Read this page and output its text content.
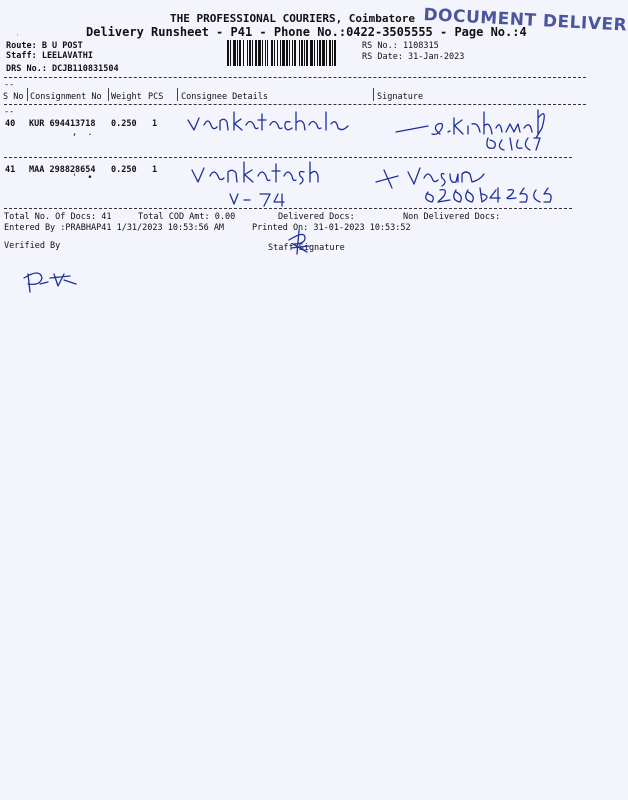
THE PROFESSIONAL COURIERS, Coimbatore
Delivery Runsheet - P41 - Phone No.:0422-3505555 - Page No.:4
DOCUMENT DELIVER
Route: B U POST
Staff: LEELAVATHI
DRS No.: DCJB110831504
RS No.: 1108315
RS Date: 31-Jan-2023
--
S No Consignment No Weight PCS Consignee Details	Signature
--
40 KUR 694413718 0.250 1
,  .
41 MAA 298828654 0.250 1
'  •
Total No. Of Docs: 41	Total COD Amt: 0.00	Delivered Docs:	Non Delivered Docs:
Entered By :PRABHAP41 1/31/2023 10:53:56 AM	Printed On: 31-01-2023 10:53:52
Verified By	Staff Signature
·
